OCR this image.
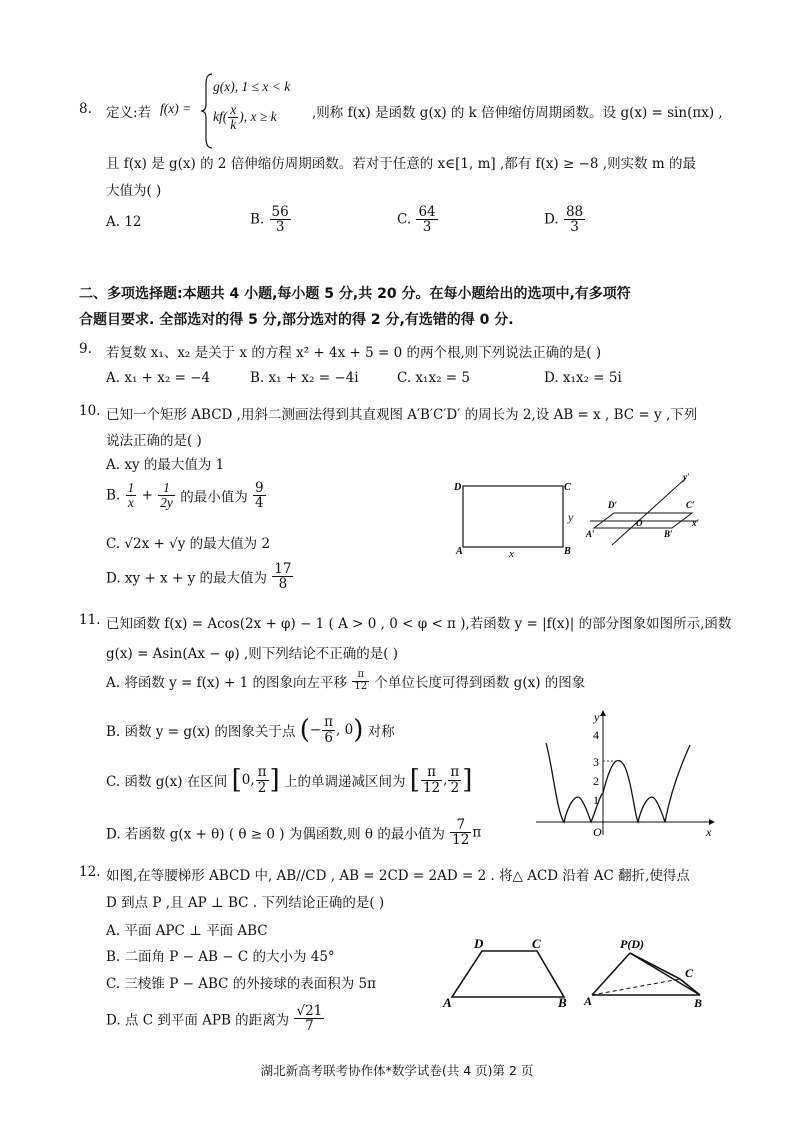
8. 定义:若 f(x) =
g(x), 1 ≤ x < k
$kf( \frac{x}{k}$ ), x ≥ k	,则称 f(x) 是函数 g(x) 的 k 倍伸缩仿周期函数。设 g(x) = sin(πx) ,
且 f(x) 是 g(x) 的 2 倍伸缩仿周期函数。若对于任意的 x∈[1, m] ,都有 f(x) ≥ −8 ,则实数 m 的最
大值为( )
A. 12	B. $\frac{56}{3}$	C. $\frac{64}{3}$	D. $\frac{88}{3}$
二、多项选择题:本题共 4 小题,每小题 5 分,共 20 分。在每小题给出的选项中,有多项符
合题目要求. 全部选对的得 5 分,部分选对的得 2 分,有选错的得 0 分.
9. 若复数 x₁、x₂ 是关于 x 的方程 x² + 4x + 5 = 0 的两个根,则下列说法正确的是( )
A. x₁ + x₂ = −4	B. x₁ + x₂ = −4i	C. x₁x₂ = 5	D. x₁x₂ = 5i
10. 已知一个矩形 ABCD ,用斜二测画法得到其直观图 A′B′C′D′ 的周长为 2,设 AB = x , BC = y ,下列
说法正确的是( )
A. xy 的最大值为 1
B. $\frac{1}{x} + \frac{1}{2y}$ 的最小值为 $\frac{9}{4}$
C. √2x + √y 的最大值为 2
D. xy + x + y 的最大值为 $\frac{17}{8}$
D	C
A	B
x
y
y′
D′	C′
O	x′
A′	B′
11. 已知函数 f(x) = Acos(2x + φ) − 1 ( A > 0 , 0 < φ < π ),若函数 y = |f(x)| 的部分图象如图所示,函数
g(x) = Asin(Ax − φ) ,则下列结论不正确的是( )
A. 将函数 y = f(x) + 1 的图象向左平移 $\frac{\pi}{12}$ 个单位长度可得到函数 g(x) 的图象
B. 函数 y = g(x) 的图象关于点 (− $\frac{\pi}{6}$ , 0) 对称
C. 函数 g(x) 在区间 [0, $\frac{\pi}{2}$ ] 上的单调递减区间为 [ $\frac{\pi}{12}$ , $\frac{\pi}{2}$ ]
D. 若函数 g(x + θ) ( θ ≥ 0 ) 为偶函数,则 θ 的最小值为 $\frac{7}{12}$ π
y
x
O
4
3
2
1
12. 如图,在等腰梯形 ABCD 中, AB//CD , AB = 2CD = 2AD = 2 . 将△ ACD 沿着 AC 翻折,使得点
D 到点 P ,且 AP ⊥ BC . 下列结论正确的是( )
A. 平面 APC ⊥ 平面 ABC
B. 二面角 P − AB − C 的大小为 45°
C. 三棱锥 P − ABC 的外接球的表面积为 5π
D. 点 C 到平面 APB 的距离为 $\frac{√21}{7}$
D	C
A	B
P(D)
C
A	B
湖北新高考联考协作体*数学试卷(共 4 页)第 2 页
